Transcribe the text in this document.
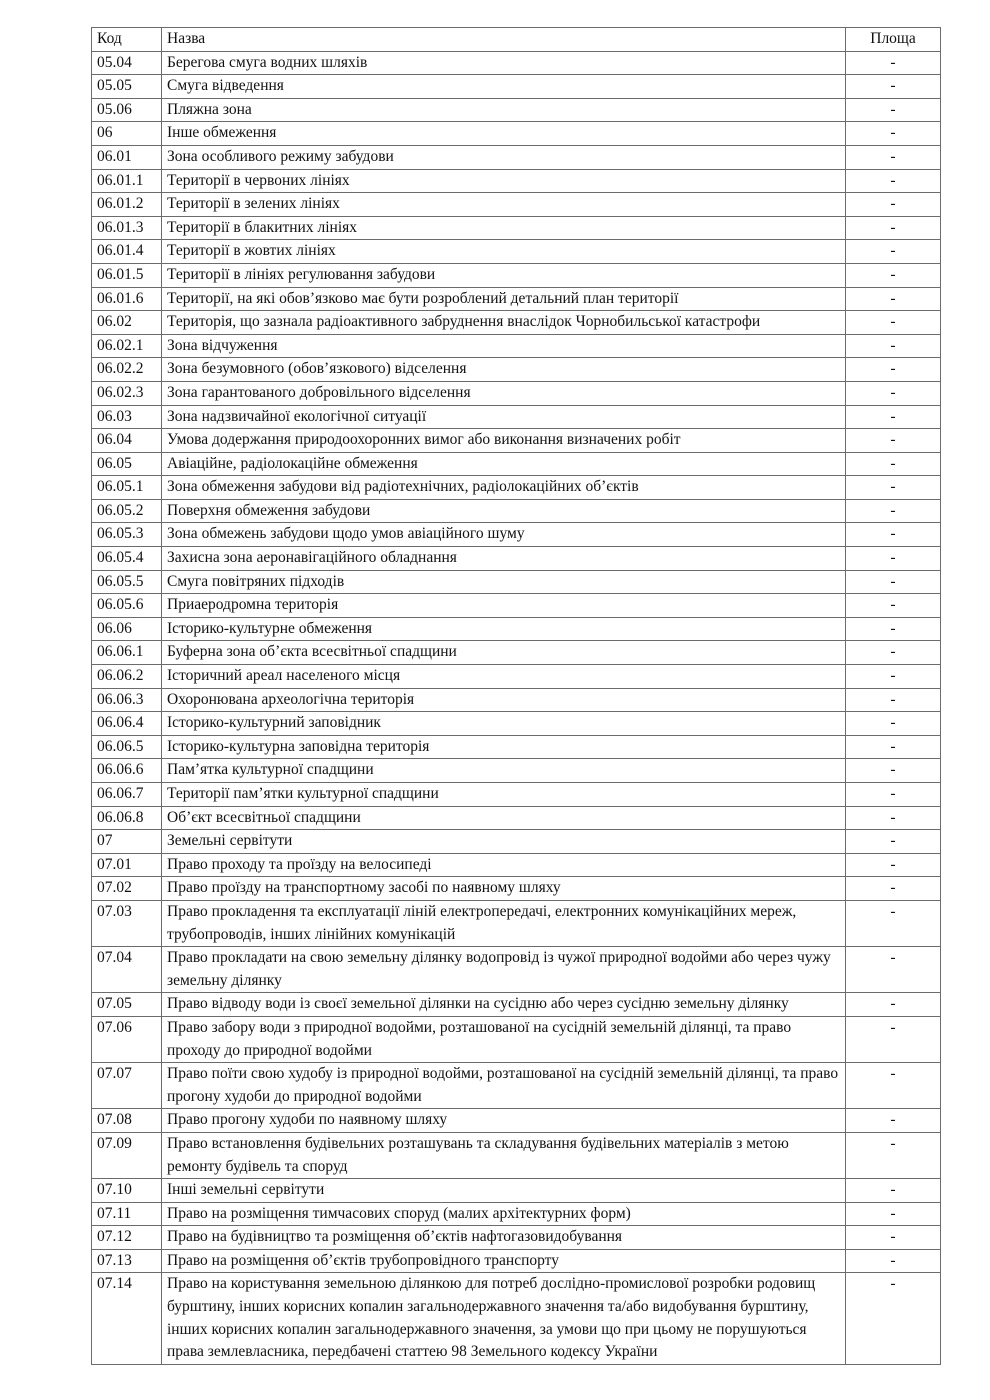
Код	Назва	Площа
05.04	Берегова смуга водних шляхів	-
05.05	Смуга відведення	-
05.06	Пляжна зона	-
06	Інше обмеження	-
06.01	Зона особливого режиму забудови	-
06.01.1	Території в червоних лініях	-
06.01.2	Території в зелених лініях	-
06.01.3	Території в блакитних лініях	-
06.01.4	Території в жовтих лініях	-
06.01.5	Території в лініях регулювання забудови	-
06.01.6	Території, на які обов’язково має бути розроблений детальний план території	-
06.02	Територія, що зазнала радіоактивного забруднення внаслідок Чорнобильської катастрофи	-
06.02.1	Зона відчуження	-
06.02.2	Зона безумовного (обов’язкового) відселення	-
06.02.3	Зона гарантованого добровільного відселення	-
06.03	Зона надзвичайної екологічної ситуації	-
06.04	Умова додержання природоохоронних вимог або виконання визначених робіт	-
06.05	Авіаційне, радіолокаційне обмеження	-
06.05.1	Зона обмеження забудови від радіотехнічних, радіолокаційних об’єктів	-
06.05.2	Поверхня обмеження забудови	-
06.05.3	Зона обмежень забудови щодо умов авіаційного шуму	-
06.05.4	Захисна зона аеронавігаційного обладнання	-
06.05.5	Смуга повітряних підходів	-
06.05.6	Приаеродромна територія	-
06.06	Історико-культурне обмеження	-
06.06.1	Буферна зона об’єкта всесвітньої спадщини	-
06.06.2	Історичний ареал населеного місця	-
06.06.3	Охоронювана археологічна територія	-
06.06.4	Історико-культурний заповідник	-
06.06.5	Історико-культурна заповідна територія	-
06.06.6	Пам’ятка культурної спадщини	-
06.06.7	Території пам’ятки культурної спадщини	-
06.06.8	Об’єкт всесвітньої спадщини	-
07	Земельні сервітути	-
07.01	Право проходу та проїзду на велосипеді	-
07.02	Право проїзду на транспортному засобі по наявному шляху	-
07.03	Право прокладення та експлуатації ліній електропередачі, електронних комунікаційних мереж, трубопроводів, інших лінійних комунікацій	-
07.04	Право прокладати на свою земельну ділянку водопровід із чужої природної водойми або через чужу земельну ділянку	-
07.05	Право відводу води із своєї земельної ділянки на сусідню або через сусідню земельну ділянку	-
07.06	Право забору води з природної водойми, розташованої на сусідній земельній ділянці, та право проходу до природної водойми	-
07.07	Право поїти свою худобу із природної водойми, розташованої на сусідній земельній ділянці, та право прогону худоби до природної водойми	-
07.08	Право прогону худоби по наявному шляху	-
07.09	Право встановлення будівельних розташувань та складування будівельних матеріалів з метою ремонту будівель та споруд	-
07.10	Інші земельні сервітути	-
07.11	Право на розміщення тимчасових споруд (малих архітектурних форм)	-
07.12	Право на будівництво та розміщення об’єктів нафтогазовидобування	-
07.13	Право на розміщення об’єктів трубопровідного транспорту	-
07.14	Право на користування земельною ділянкою для потреб дослідно-промислової розробки родовищ бурштину, інших корисних копалин загальнодержавного значення та/або видобування бурштину, інших корисних копалин загальнодержавного значення, за умови що при цьому не порушуються права землевласника, передбачені статтею 98 Земельного кодексу України	-
